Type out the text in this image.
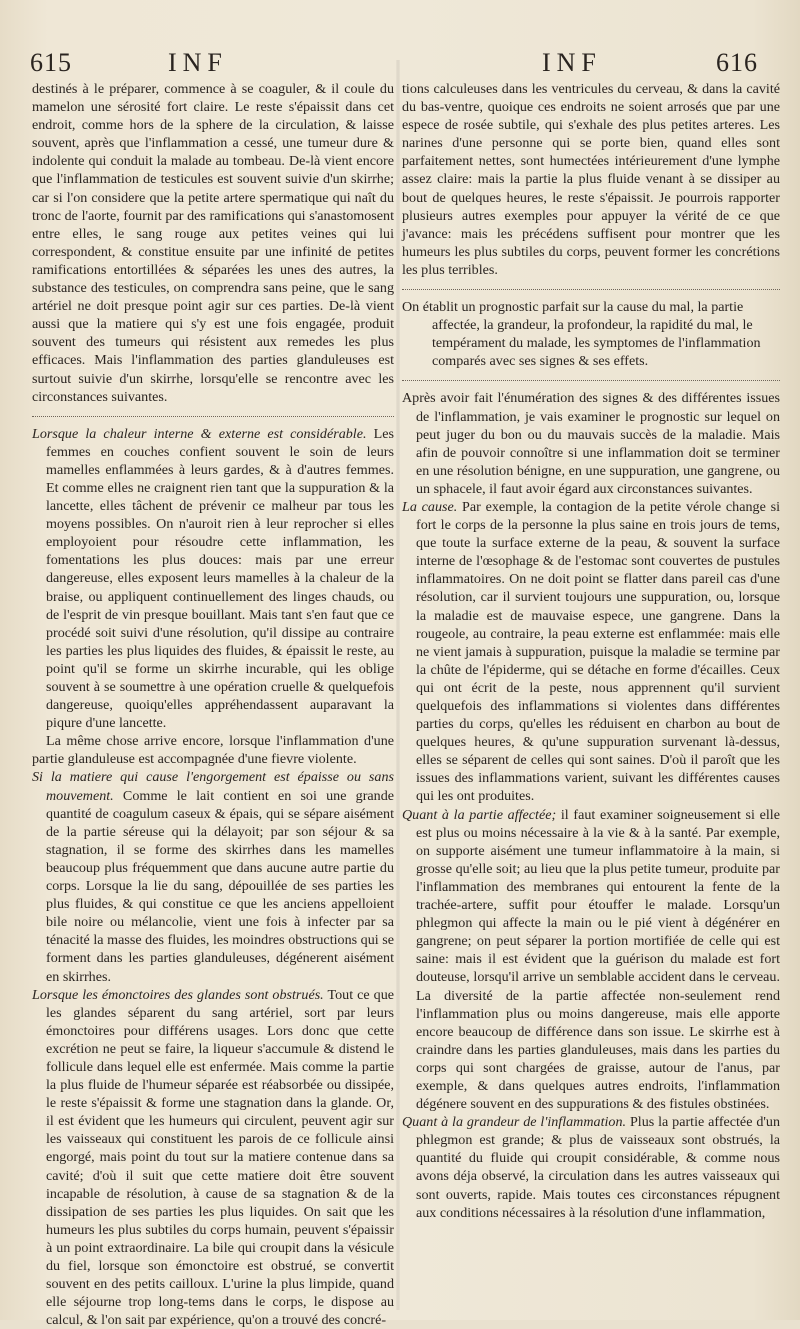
615	INF	INF	616

destinés à le préparer, commence à se coaguler, & il coule du mamelon une sérosité fort claire. Le reste s'épaissit dans cet endroit, comme hors de la sphere de la circulation, & laisse souvent, après que l'inflammation a cessé, une tumeur dure & indolente qui conduit la malade au tombeau. De-là vient encore que l'inflammation de testicules est souvent suivie d'un skirrhe; car si l'on considere que la petite artere spermatique qui naît du tronc de l'aorte, fournit par des ramifications qui s'anastomosent entre elles, le sang rouge aux petites veines qui lui correspondent, & constitue ensuite par une infinité de petites ramifications entortillées & séparées les unes des autres, la substance des testicules, on comprendra sans peine, que le sang artériel ne doit presque point agir sur ces parties. De-là vient aussi que la matiere qui s'y est une fois engagée, produit souvent des tumeurs qui résistent aux remedes les plus efficaces. Mais l'inflammation des parties glanduleuses est surtout suivie d'un skirrhe, lorsqu'elle se rencontre avec les circonstances suivantes.

Lorsque la chaleur interne & externe est considérable. Les femmes en couches confient souvent le soin de leurs mamelles enflammées à leurs gardes, & à d'autres femmes. Et comme elles ne craignent rien tant que la suppuration & la lancette, elles tâchent de prévenir ce malheur par tous les moyens possibles. On n'auroit rien à leur reprocher si elles employoient pour résoudre cette inflammation, les fomentations les plus douces: mais par une erreur dangereuse, elles exposent leurs mamelles à la chaleur de la braise, ou appliquent continuellement des linges chauds, ou de l'esprit de vin presque bouillant. Mais tant s'en faut que ce procédé soit suivi d'une résolution, qu'il dissipe au contraire les parties les plus liquides des fluides, & épaissit le reste, au point qu'il se forme un skirrhe incurable, qui les oblige souvent à se soumettre à une opération cruelle & quelquefois dangereuse, quoiqu'elles appréhendassent auparavant la piqure d'une lancette.

La même chose arrive encore, lorsque l'inflammation d'une partie glanduleuse est accompagnée d'une fievre violente.

Si la matiere qui cause l'engorgement est épaisse ou sans mouvement. Comme le lait contient en soi une grande quantité de coagulum caseux & épais, qui se sépare aisément de la partie séreuse qui la délayoit; par son séjour & sa stagnation, il se forme des skirrhes dans les mamelles beaucoup plus fréquemment que dans aucune autre partie du corps. Lorsque la lie du sang, dépouillée de ses parties les plus fluides, & qui constitue ce que les anciens appelloient bile noire ou mélancolie, vient une fois à infecter par sa ténacité la masse des fluides, les moindres obstructions qui se forment dans les parties glanduleuses, dégénerent aisément en skirrhes.

Lorsque les émonctoires des glandes sont obstrués. Tout ce que les glandes séparent du sang artériel, sort par leurs émonctoires pour différens usages. Lors donc que cette excrétion ne peut se faire, la liqueur s'accumule & distend le follicule dans lequel elle est enfermée. Mais comme la partie la plus fluide de l'humeur séparée est réabsorbée ou dissipée, le reste s'épaissit & forme une stagnation dans la glande. Or, il est évident que les humeurs qui circulent, peuvent agir sur les vaisseaux qui constituent les parois de ce follicule ainsi engorgé, mais point du tout sur la matiere contenue dans sa cavité; d'où il suit que cette matiere doit être souvent incapable de résolution, à cause de sa stagnation & de la dissipation de ses parties les plus liquides. On sait que les humeurs les plus subtiles du corps humain, peuvent s'épaissir à un point extraordinaire. La bile qui croupit dans la vésicule du fiel, lorsque son émonctoire est obstrué, se convertit souvent en des petits cailloux. L'urine la plus limpide, quand elle séjourne trop long-tems dans le corps, le dispose au calcul, & l'on sait par expérience, qu'on a trouvé des concré-

tions calculeuses dans les ventricules du cerveau, & dans la cavité du bas-ventre, quoique ces endroits ne soient arrosés que par une espece de rosée subtile, qui s'exhale des plus petites arteres. Les narines d'une personne qui se porte bien, quand elles sont parfaitement nettes, sont humectées intérieurement d'une lymphe assez claire: mais la partie la plus fluide venant à se dissiper au bout de quelques heures, le reste s'épaissit. Je pourrois rapporter plusieurs autres exemples pour appuyer la vérité de ce que j'avance: mais les précédens suffisent pour montrer que les humeurs les plus subtiles du corps, peuvent former les concrétions les plus terribles.

On établit un prognostic parfait sur la cause du mal, la partie affectée, la grandeur, la profondeur, la rapidité du mal, le tempérament du malade, les symptomes de l'inflammation comparés avec ses signes & ses effets.

Après avoir fait l'énumération des signes & des différentes issues de l'inflammation, je vais examiner le prognostic sur lequel on peut juger du bon ou du mauvais succès de la maladie. Mais afin de pouvoir connoître si une inflammation doit se terminer en une résolution bénigne, en une suppuration, une gangrene, ou un sphacele, il faut avoir égard aux circonstances suivantes.

La cause. Par exemple, la contagion de la petite vérole change si fort le corps de la personne la plus saine en trois jours de tems, que toute la surface externe de la peau, & souvent la surface interne de l'œsophage & de l'estomac sont couvertes de pustules inflammatoires. On ne doit point se flatter dans pareil cas d'une résolution, car il survient toujours une suppuration, ou, lorsque la maladie est de mauvaise espece, une gangrene. Dans la rougeole, au contraire, la peau externe est enflammée: mais elle ne vient jamais à suppuration, puisque la maladie se termine par la chûte de l'épiderme, qui se détache en forme d'écailles. Ceux qui ont écrit de la peste, nous apprennent qu'il survient quelquefois des inflammations si violentes dans différentes parties du corps, qu'elles les réduisent en charbon au bout de quelques heures, & qu'une suppuration survenant là-dessus, elles se séparent de celles qui sont saines. D'où il paroît que les issues des inflammations varient, suivant les différentes causes qui les ont produites.

Quant à la partie affectée; il faut examiner soigneusement si elle est plus ou moins nécessaire à la vie & à la santé. Par exemple, on supporte aisément une tumeur inflammatoire à la main, si grosse qu'elle soit; au lieu que la plus petite tumeur, produite par l'inflammation des membranes qui entourent la fente de la trachée-artere, suffit pour étouffer le malade. Lorsqu'un phlegmon qui affecte la main ou le pié vient à dégénérer en gangrene; on peut séparer la portion mortifiée de celle qui est saine: mais il est évident que la guérison du malade est fort douteuse, lorsqu'il arrive un semblable accident dans le cerveau. La diversité de la partie affectée non-seulement rend l'inflammation plus ou moins dangereuse, mais elle apporte encore beaucoup de différence dans son issue. Le skirrhe est à craindre dans les parties glanduleuses, mais dans les parties du corps qui sont chargées de graisse, autour de l'anus, par exemple, & dans quelques autres endroits, l'inflammation dégénere souvent en des suppurations & des fistules obstinées.

Quant à la grandeur de l'inflammation. Plus la partie affectée d'un phlegmon est grande; & plus de vaisseaux sont obstrués, la quantité du fluide qui croupit considérable, & comme nous avons déja observé, la circulation dans les autres vaisseaux qui sont ouverts, rapide. Mais toutes ces circonstances répugnent aux conditions nécessaires à la résolution d'une inflammation,
